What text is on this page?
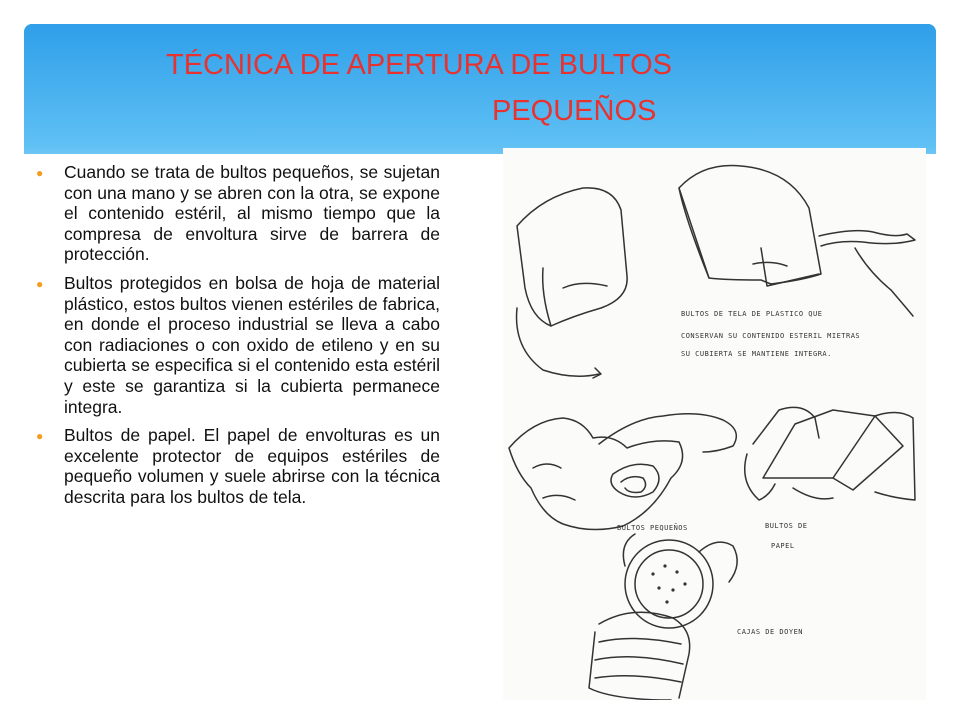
TÉCNICA DE APERTURA DE BULTOS
PEQUEÑOS
●	Cuando se trata de bultos pequeños, se sujetan con una mano y se abren con la otra, se expone el contenido estéril, al mismo tiempo que la compresa de envoltura sirve de barrera de protección.
●	Bultos protegidos en bolsa de hoja de material plástico, estos bultos vienen estériles de fabrica, en donde el proceso industrial se lleva a cabo con radiaciones o con oxido de etileno y en su cubierta se especifica si el contenido esta estéril y este se garantiza si la cubierta permanece integra.
●	Bultos de papel. El papel de envolturas es un excelente protector de equipos estériles de pequeño volumen y suele abrirse con la técnica descrita para los bultos de tela.
BULTOS DE TELA DE PLASTICO QUE
CONSERVAN SU CONTENIDO ESTERIL MIETRAS
SU CUBIERTA SE MANTIENE INTEGRA.
BULTOS PEQUEÑOS	BULTOS DE
PAPEL
CAJAS DE DOYEN
